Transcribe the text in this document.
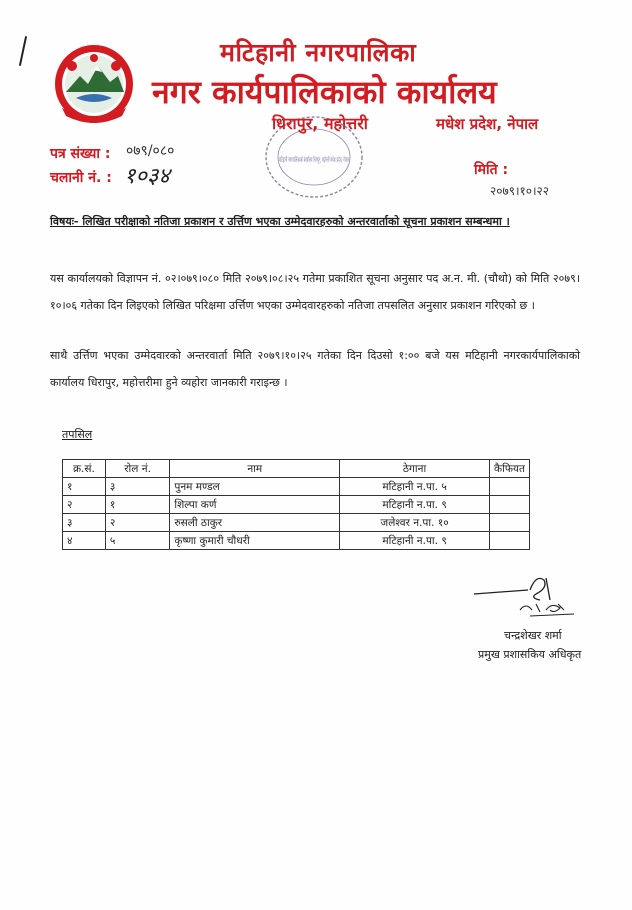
मटिहानी नगरपालिका
नगर कार्यपालिकाको कार्यालय
मटिहानी नगरपालिकाको कार्यालय धिरापुर, महोत्तरी मधेश प्रदेश, नेपाल
धिरापुर, महोत्तरी	मधेश प्रदेश, नेपाल
पत्र संख्या : ०७९/०८०
चलानी नं. : १०३४	मिति :
२०७९।१०।२२
विषयः- लिखित परीक्षाको नतिजा प्रकाशन र उर्त्तिण भएका उम्मेदवारहरुको अन्तरवार्ताको सूचना प्रकाशन सम्बन्धमा ।
यस कार्यालयको विज्ञापन नं. ०२।०७९।०८० मिति २०७९।०८।२५ गतेमा प्रकाशित सूचना अनुसार पद अ.न. मी. (चौथो) को मिति २०७९।१०।०६ गतेका दिन लिइएको लिखित परिक्षमा उर्त्तिण भएका उम्मेदवारहरुको नतिजा तपसलित अनुसार प्रकाशन गरिएको छ ।
साथै उर्त्तिण भएका उम्मेदवारको अन्तरवार्ता मिति २०७९।१०।२५ गतेका दिन दिउसो १:०० बजे यस मटिहानी नगरकार्यपालिकाको कार्यालय धिरापुर, महोत्तरीमा हुने व्यहोरा जानकारी गराइन्छ ।
तपसिल
क्र.सं.	रोल नं.	नाम	ठेगाना	कैफियत
१	३	पुनम मण्डल	मटिहानी न.पा. ५	
२	१	शिल्पा कर्ण	मटिहानी न.पा. ९	
३	२	रुसली ठाकुर	जलेश्वर न.पा. १०	
४	५	कृष्णा कुमारी चौधरी	मटिहानी न.पा. ९	
चन्द्रशेखर शर्मा
प्रमुख प्रशासकिय अधिकृत
